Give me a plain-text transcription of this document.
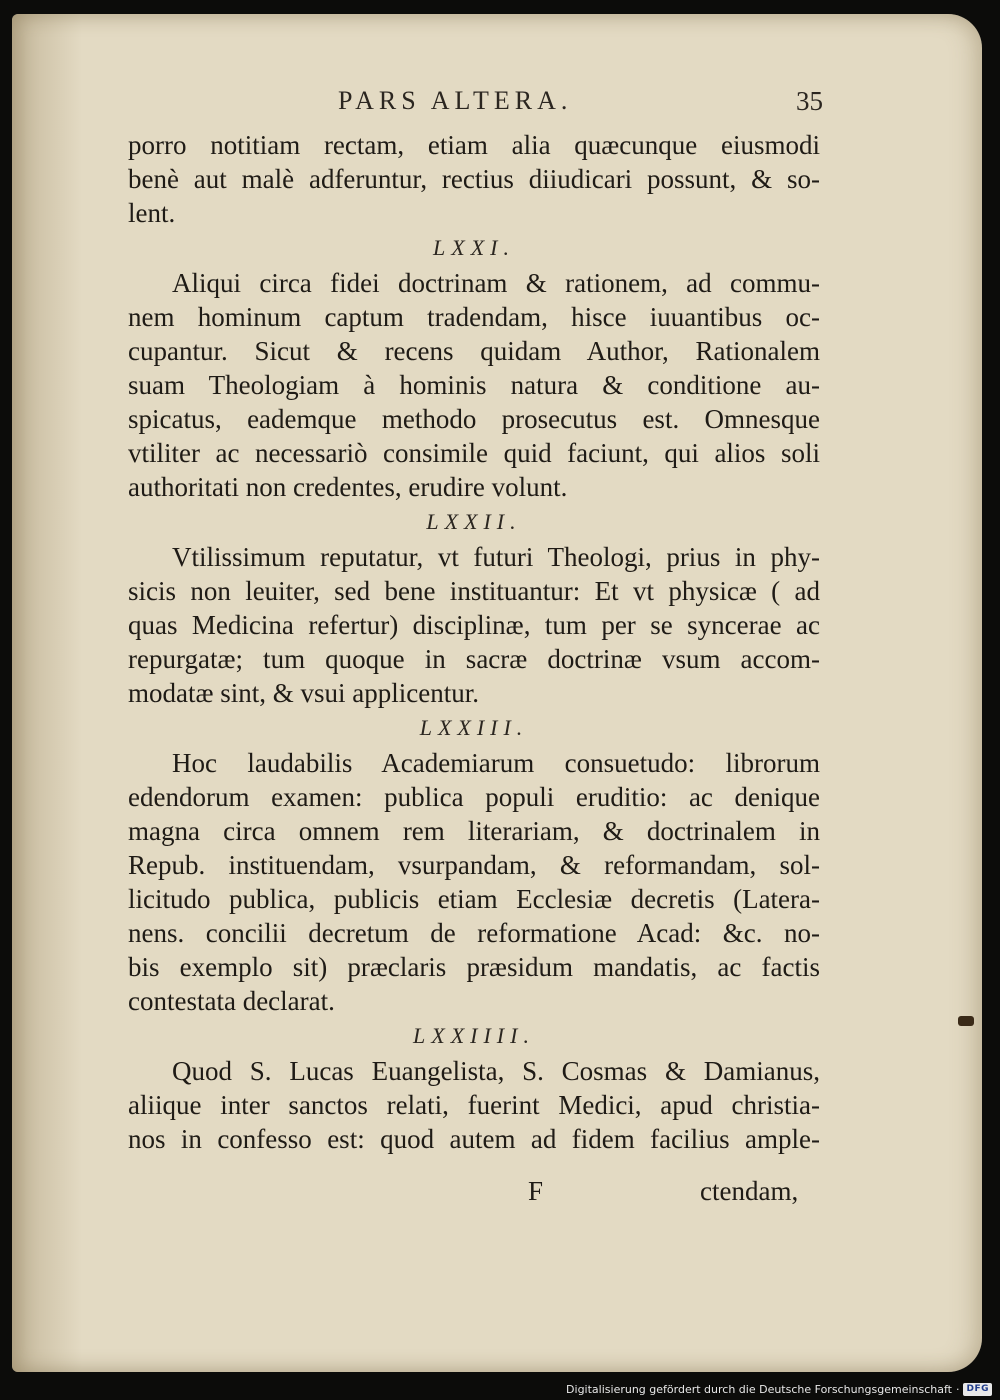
PARS ALTERA.	35
porro notitiam rectam, etiam alia quæcunque eiusmodi
benè aut malè adferuntur, rectius diiudicari possunt, & so-
lent.
LXXI.
Aliqui circa fidei doctrinam & rationem, ad commu-
nem hominum captum tradendam, hisce iuuantibus oc-
cupantur. Sicut & recens quidam Author, Rationalem
suam Theologiam à hominis natura & conditione au-
spicatus, eademque methodo prosecutus est. Omnesque
vtiliter ac necessariò consimile quid faciunt, qui alios soli
authoritati non credentes, erudire volunt.
LXXII.
Vtilissimum reputatur, vt futuri Theologi, prius in phy-
sicis non leuiter, sed bene instituantur: Et vt physicæ ( ad
quas Medicina refertur) disciplinæ, tum per se syncerae ac
repurgatæ; tum quoque in sacræ doctrinæ vsum accom-
modatæ sint, & vsui applicentur.
LXXIII.
Hoc laudabilis Academiarum consuetudo: librorum
edendorum examen: publica populi eruditio: ac denique
magna circa omnem rem literariam, & doctrinalem in
Repub. instituendam, vsurpandam, & reformandam, sol-
licitudo publica, publicis etiam Ecclesiæ decretis (Latera-
nens. concilii decretum de reformatione Acad: &c. no-
bis exemplo sit) præclaris præsidum mandatis, ac factis
contestata declarat.
LXXIIII.
Quod S. Lucas Euangelista, S. Cosmas & Damianus,
aliique inter sanctos relati, fuerint Medici, apud christia-
nos in confesso est: quod autem ad fidem facilius ample-
F	ctendam,
Digitalisierung gefördert durch die Deutsche Forschungsgemeinschaft · DFG
